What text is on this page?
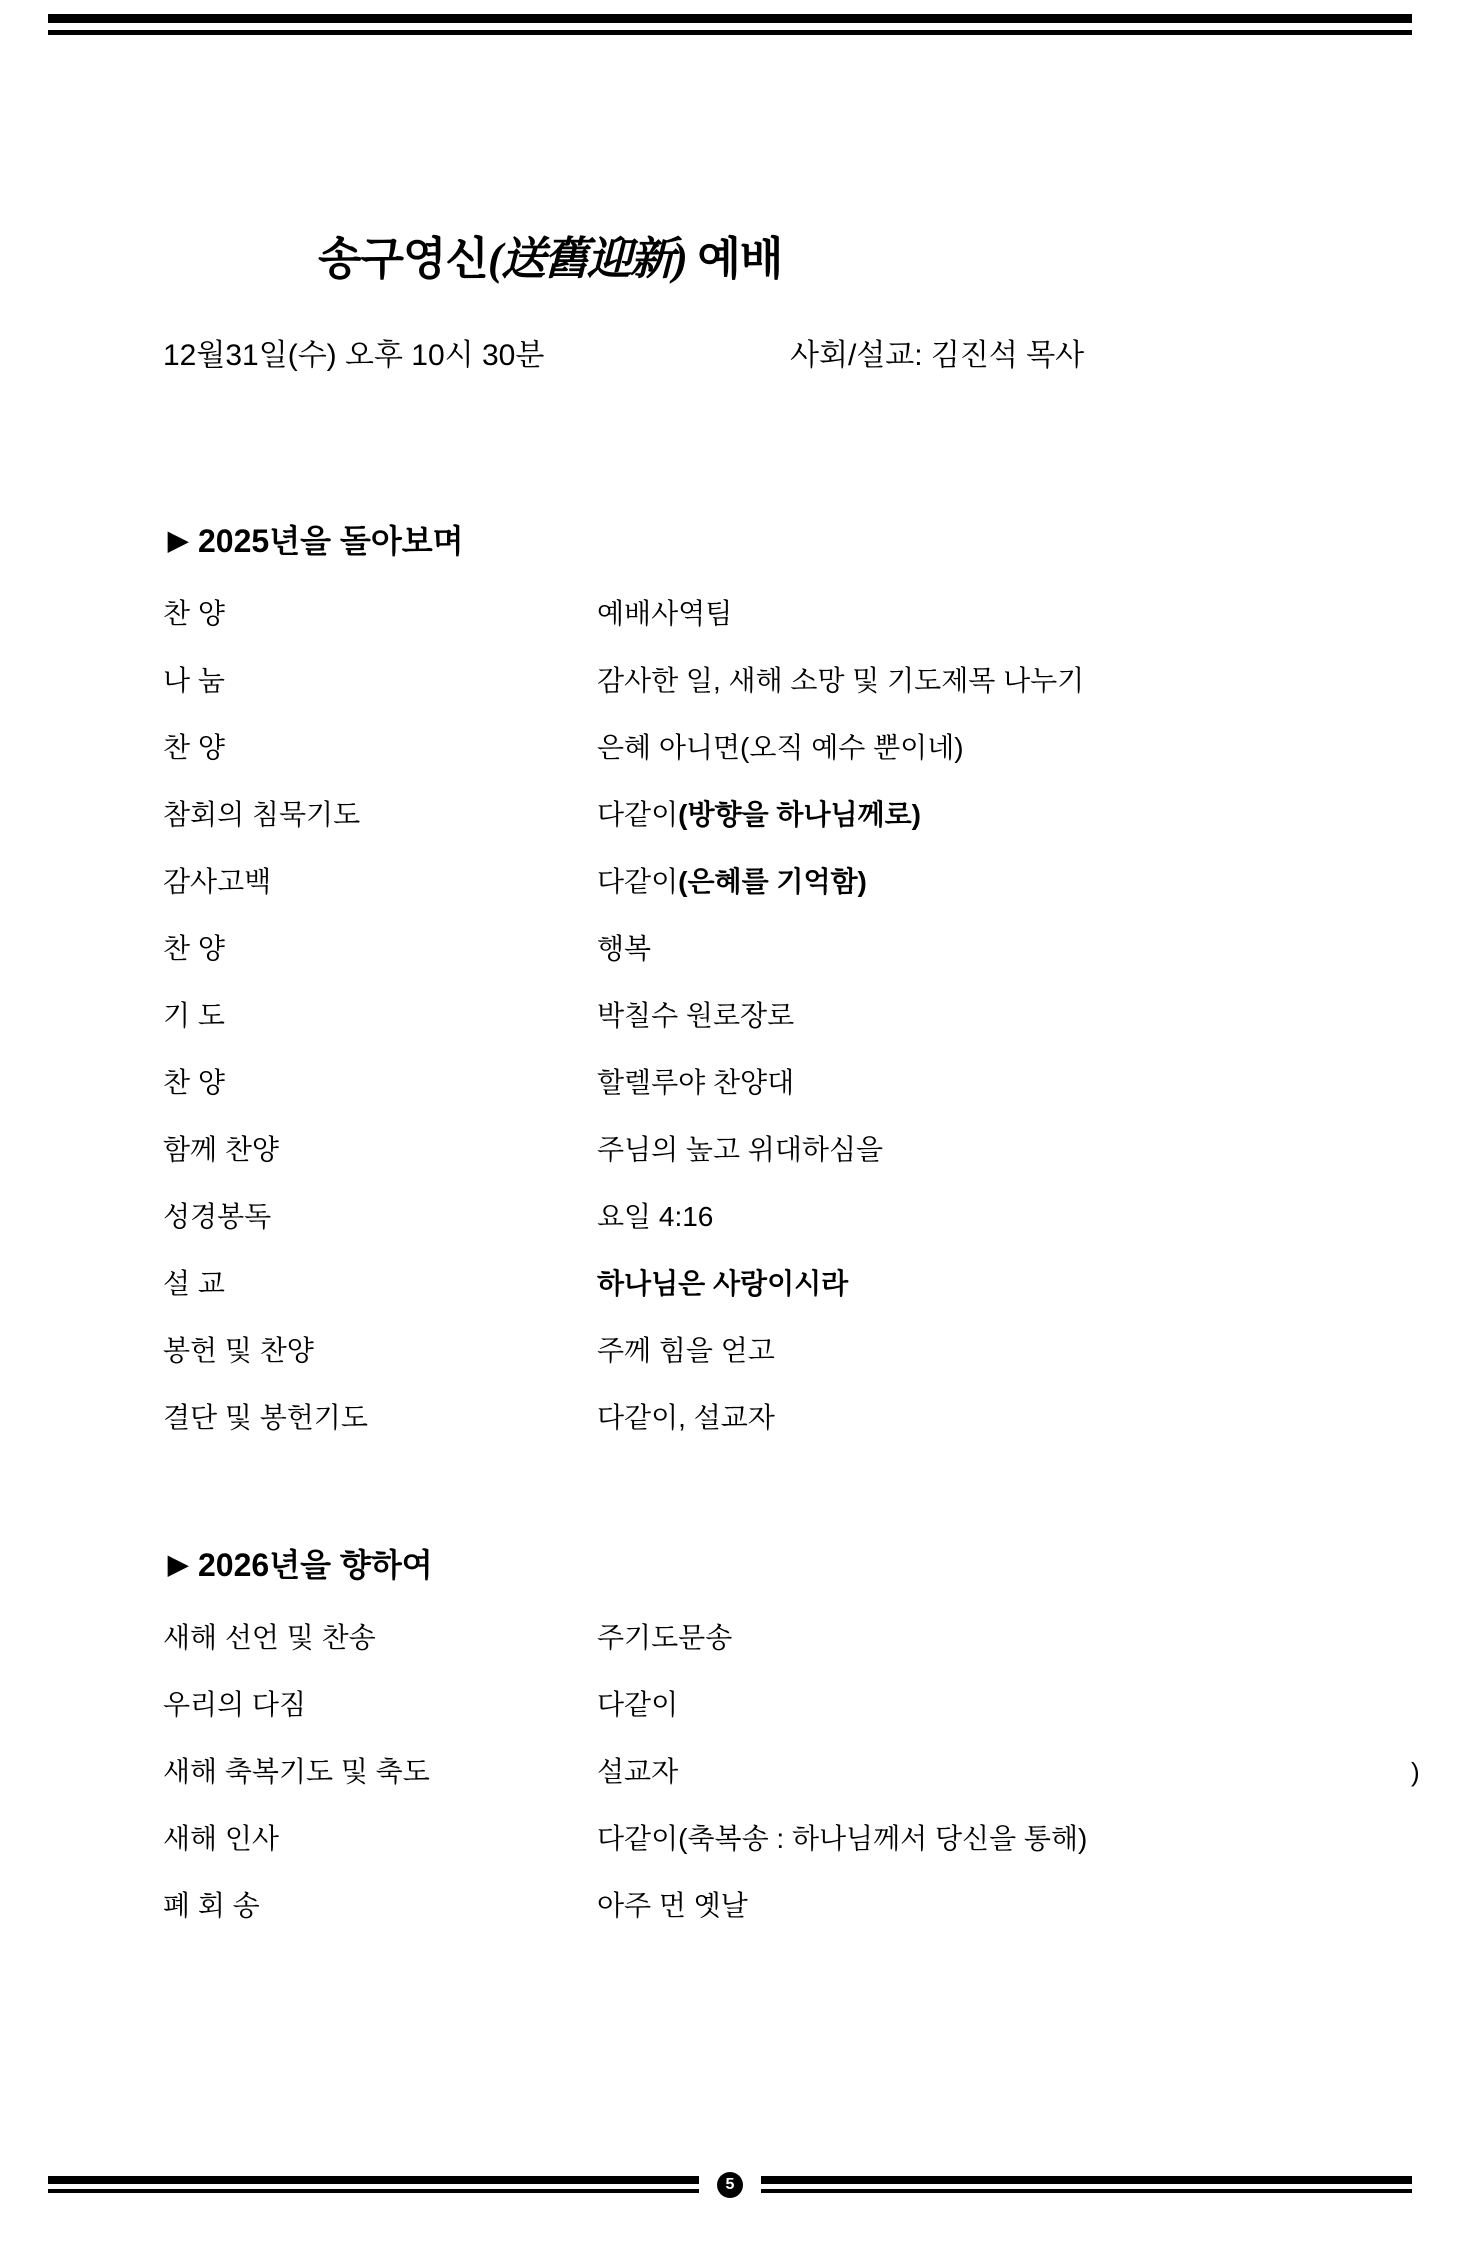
송구영신(送舊迎新) 예배
12월31일(수) 오후 10시 30분	사회/설교: 김진석 목사
▶ 2025년을 돌아보며
찬 양	예배사역팀
나 눔	감사한 일, 새해 소망 및 기도제목 나누기
찬 양	은혜 아니면(오직 예수 뿐이네)
참회의 침묵기도	다같이(방향을 하나님께로)
감사고백	다같이(은혜를 기억함)
찬 양	행복
기 도	박칠수 원로장로
찬 양	할렐루야 찬양대
함께 찬양	주님의 높고 위대하심을
성경봉독	요일 4:16
설 교	하나님은 사랑이시라
봉헌 및 찬양	주께 힘을 얻고
결단 및 봉헌기도	다같이, 설교자
▶ 2026년을 향하여
새해 선언 및 찬송	주기도문송
우리의 다짐	다같이
새해 축복기도 및 축도	설교자
새해 인사	다같이(축복송 : 하나님께서 당신을 통해)
폐 회 송	아주 먼 옛날
)
5
